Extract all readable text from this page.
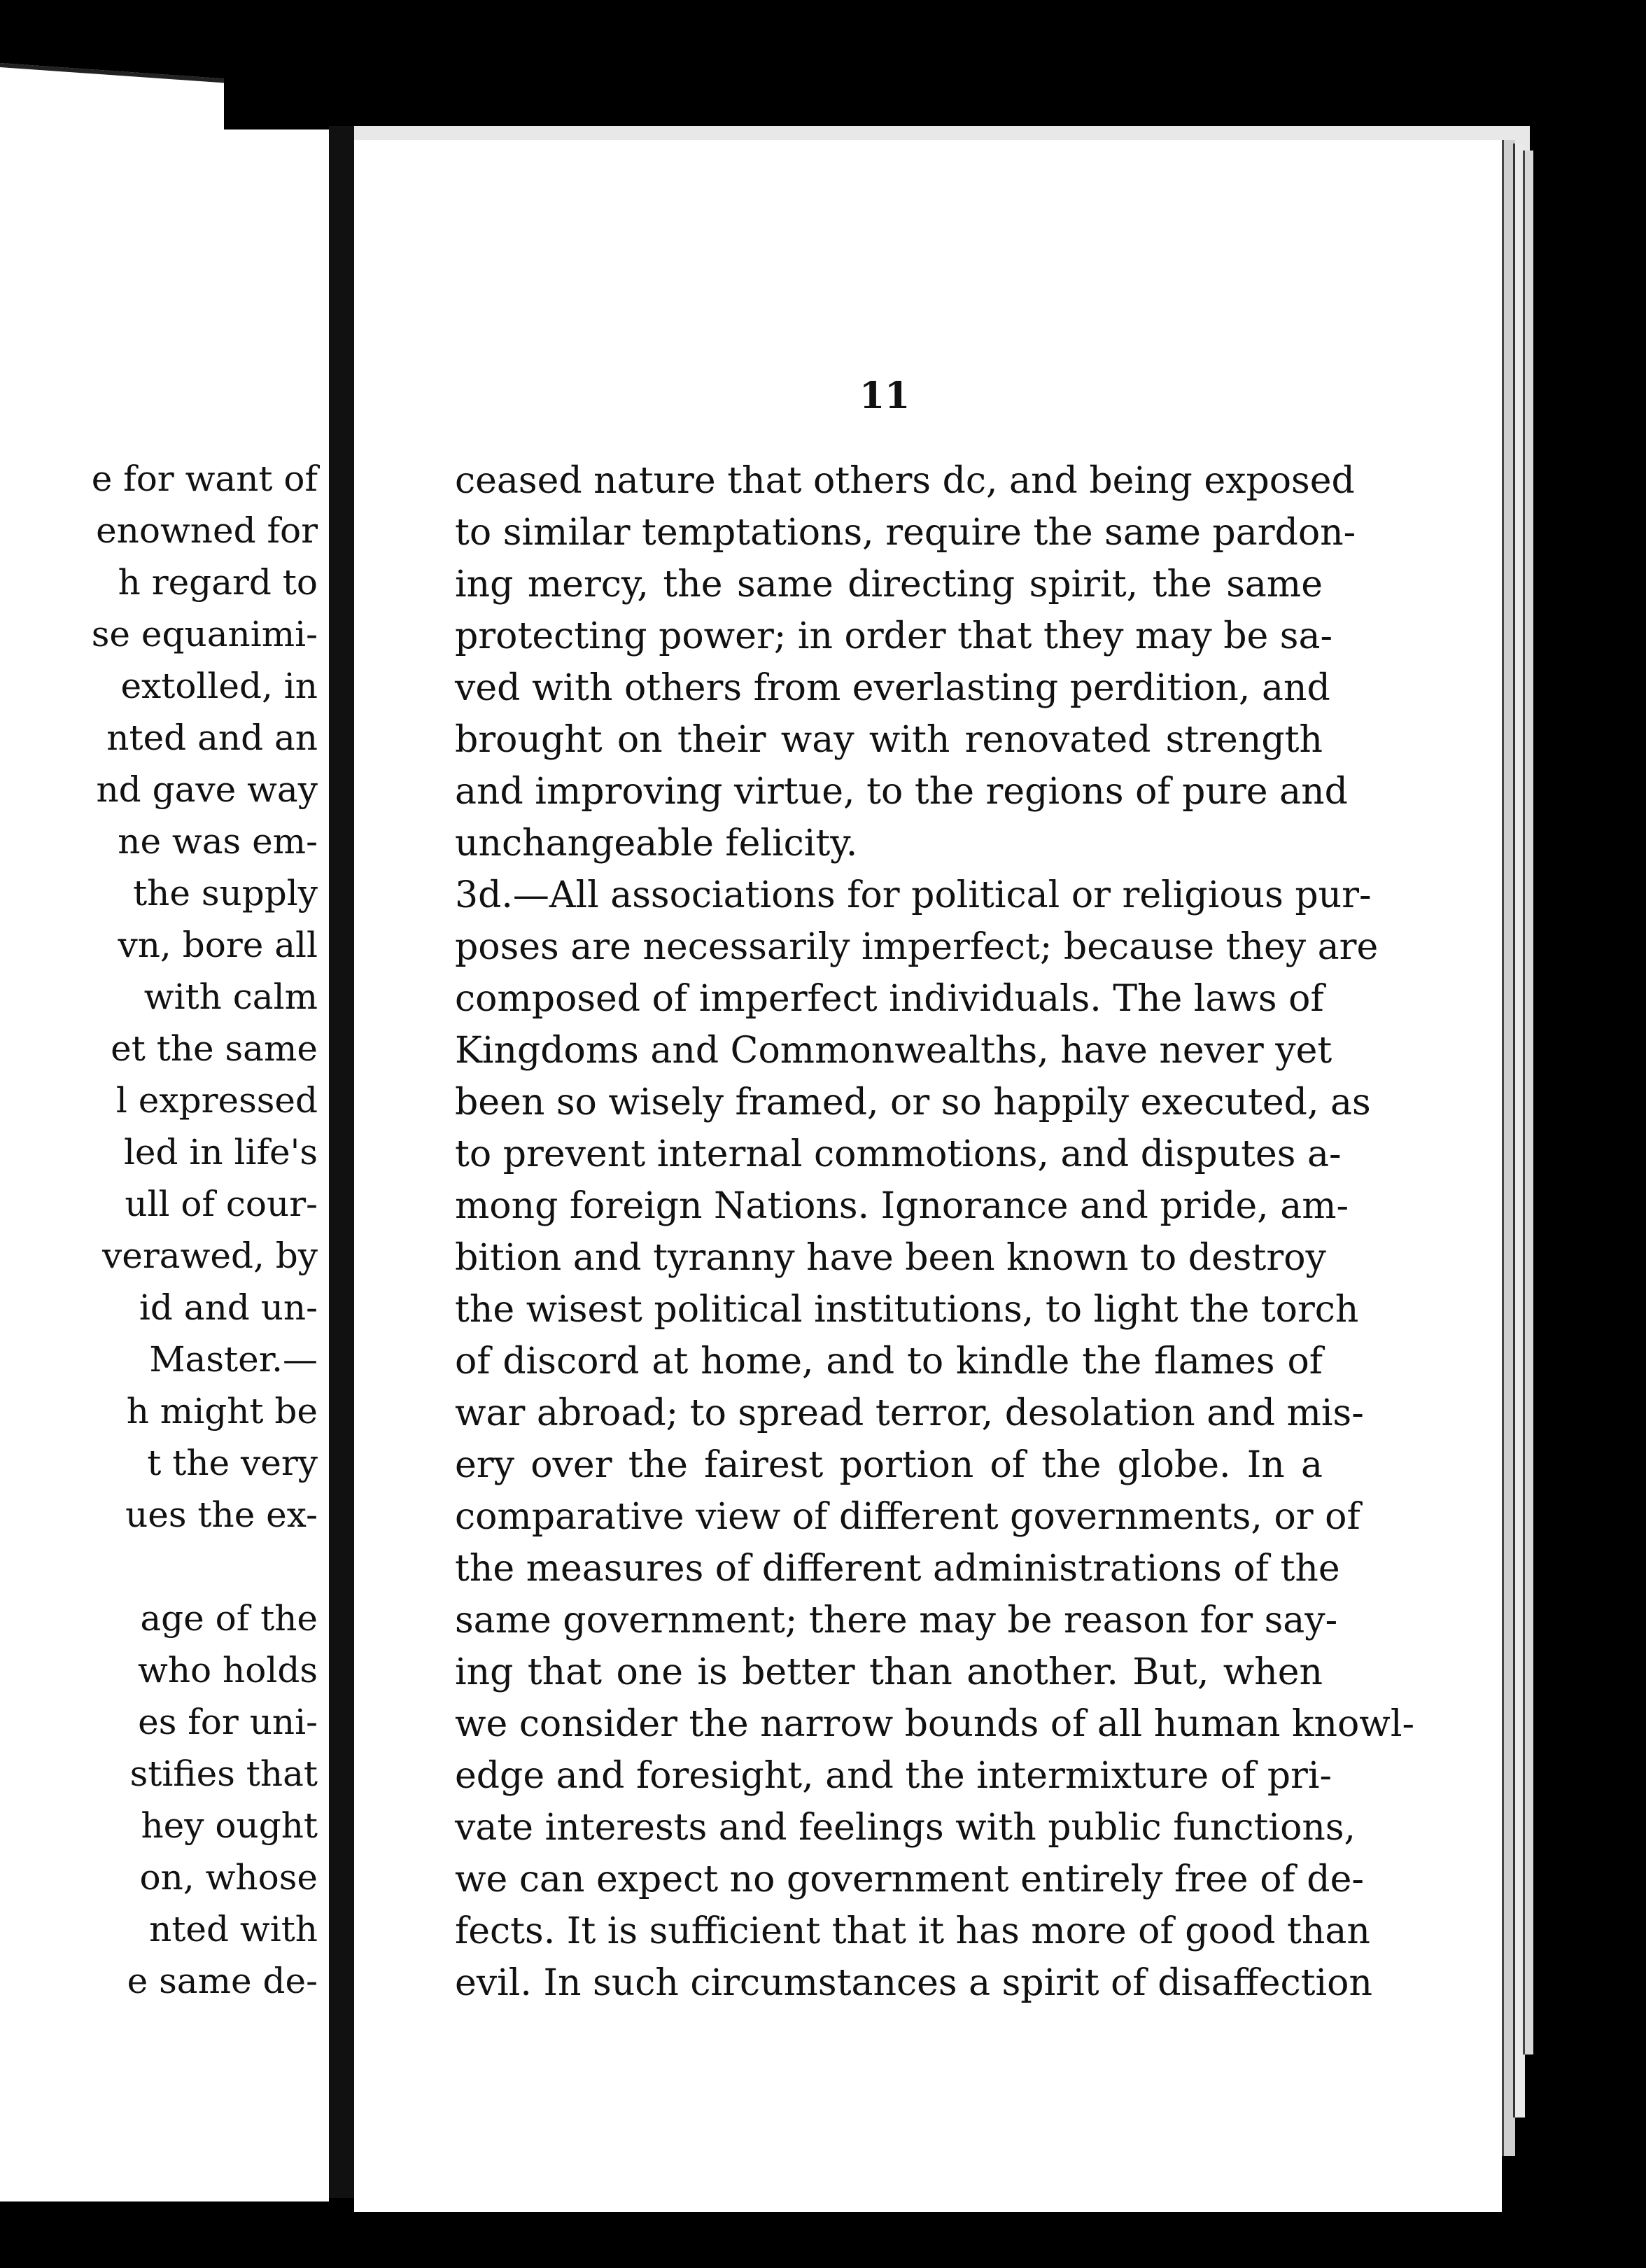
e for want of
enowned for
h regard to
se equanimi-
extolled, in
nted and an
nd gave way
ne was em-
the supply
vn, bore all
with calm
et the same
l expressed
led in life's
ull of cour-
verawed, by
id and un-
Master.—
h might be
t the very
ues the ex-
age of the
who holds
es for uni-
stifies that
hey ought
on, whose
nted with
e same de-
11
ceased nature that others dc, and being exposed
to similar temptations, require the same pardon-
ing mercy, the same directing spirit, the same
protecting power; in order that they may be sa-
ved with others from everlasting perdition, and
brought on their way with renovated strength
and improving virtue, to the regions of pure and
unchangeable felicity.
3d.—All associations for political or religious pur-
poses are necessarily imperfect; because they are
composed of imperfect individuals. The laws of
Kingdoms and Commonwealths, have never yet
been so wisely framed, or so happily executed, as
to prevent internal commotions, and disputes a-
mong foreign Nations. Ignorance and pride, am-
bition and tyranny have been known to destroy
the wisest political institutions, to light the torch
of discord at home, and to kindle the flames of
war abroad; to spread terror, desolation and mis-
ery over the fairest portion of the globe. In a
comparative view of different governments, or of
the measures of different administrations of the
same government; there may be reason for say-
ing that one is better than another. But, when
we consider the narrow bounds of all human knowl-
edge and foresight, and the intermixture of pri-
vate interests and feelings with public functions,
we can expect no government entirely free of de-
fects. It is sufficient that it has more of good than
evil. In such circumstances a spirit of disaffection
